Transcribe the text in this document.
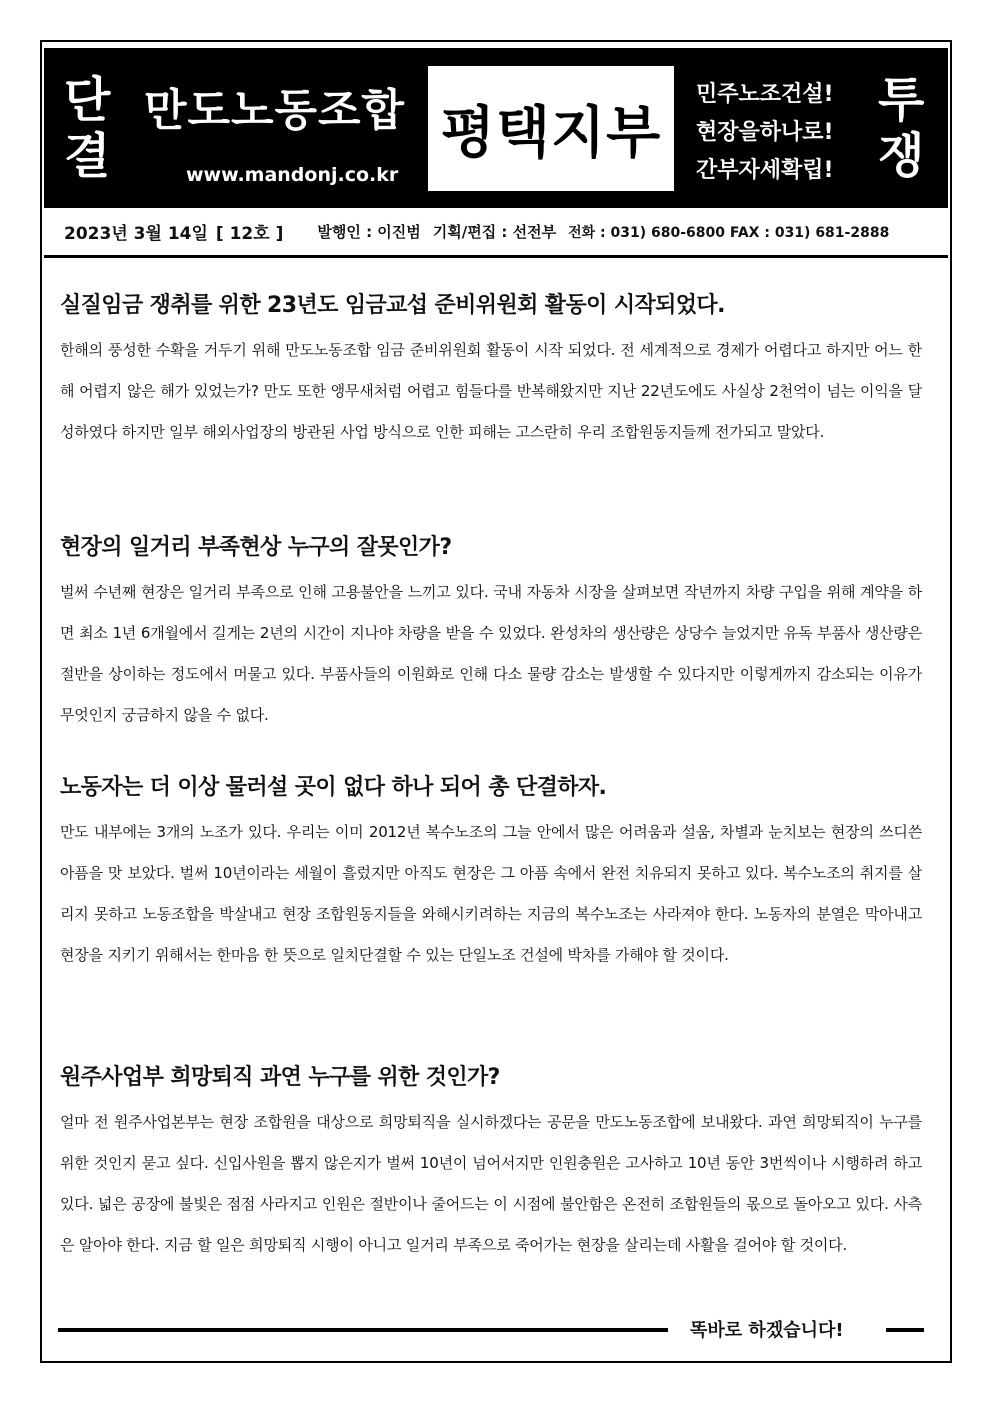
단
결
만도노동조합
www.mandonj.co.kr
평택지부
민주노조건설!
현장을하나로!
간부자세확립!
투
쟁
2023년 3월 14일 [ 12호 ] 발행인 : 이진범 기획/편집 : 선전부 전화 : 031) 680-6800 FAX : 031) 681-2888
실질임금 쟁취를 위한 23년도 임금교섭 준비위원회 활동이 시작되었다.
한해의 풍성한 수확을 거두기 위해 만도노동조합 임금 준비위원회 활동이 시작 되었다. 전 세계적으로 경제가 어렵다고 하지만 어느 한해 어렵지 않은 해가 있었는가? 만도 또한 앵무새처럼 어렵고 힘들다를 반복해왔지만 지난 22년도에도 사실상 2천억이 넘는 이익을 달성하였다 하지만 일부 해외사업장의 방관된 사업 방식으로 인한 피해는 고스란히 우리 조합원동지들께 전가되고 말았다.
현장의 일거리 부족현상 누구의 잘못인가?
벌써 수년째 현장은 일거리 부족으로 인해 고용불안을 느끼고 있다. 국내 자동차 시장을 살펴보면 작년까지 차량 구입을 위해 계약을 하면 최소 1년 6개월에서 길게는 2년의 시간이 지나야 차량을 받을 수 있었다. 완성차의 생산량은 상당수 늘었지만 유독 부품사 생산량은 절반을 상이하는 정도에서 머물고 있다. 부품사들의 이원화로 인해 다소 물량 감소는 발생할 수 있다지만 이렇게까지 감소되는 이유가 무엇인지 궁금하지 않을 수 없다.
노동자는 더 이상 물러설 곳이 없다 하나 되어 총 단결하자.
만도 내부에는 3개의 노조가 있다. 우리는 이미 2012년 복수노조의 그늘 안에서 많은 어려움과 설움, 차별과 눈치보는 현장의 쓰디쓴 아픔을 맛 보았다. 벌써 10년이라는 세월이 흘렀지만 아직도 현장은 그 아픔 속에서 완전 치유되지 못하고 있다. 복수노조의 취지를 살리지 못하고 노동조합을 박살내고 현장 조합원동지들을 와해시키려하는 지금의 복수노조는 사라져야 한다. 노동자의 분열은 막아내고 현장을 지키기 위해서는 한마음 한 뜻으로 일치단결할 수 있는 단일노조 건설에 박차를 가해야 할 것이다.
원주사업부 희망퇴직 과연 누구를 위한 것인가?
얼마 전 원주사업본부는 현장 조합원을 대상으로 희망퇴직을 실시하겠다는 공문을 만도노동조합에 보내왔다. 과연 희망퇴직이 누구를 위한 것인지 묻고 싶다. 신입사원을 뽑지 않은지가 벌써 10년이 넘어서지만 인원충원은 고사하고 10년 동안 3번씩이나 시행하려 하고 있다. 넓은 공장에 불빛은 점점 사라지고 인원은 절반이나 줄어드는 이 시점에 불안함은 온전히 조합원들의 몫으로 돌아오고 있다. 사측은 알아야 한다. 지금 할 일은 희망퇴직 시행이 아니고 일거리 부족으로 죽어가는 현장을 살리는데 사활을 걸어야 할 것이다.
똑바로 하겠습니다!
